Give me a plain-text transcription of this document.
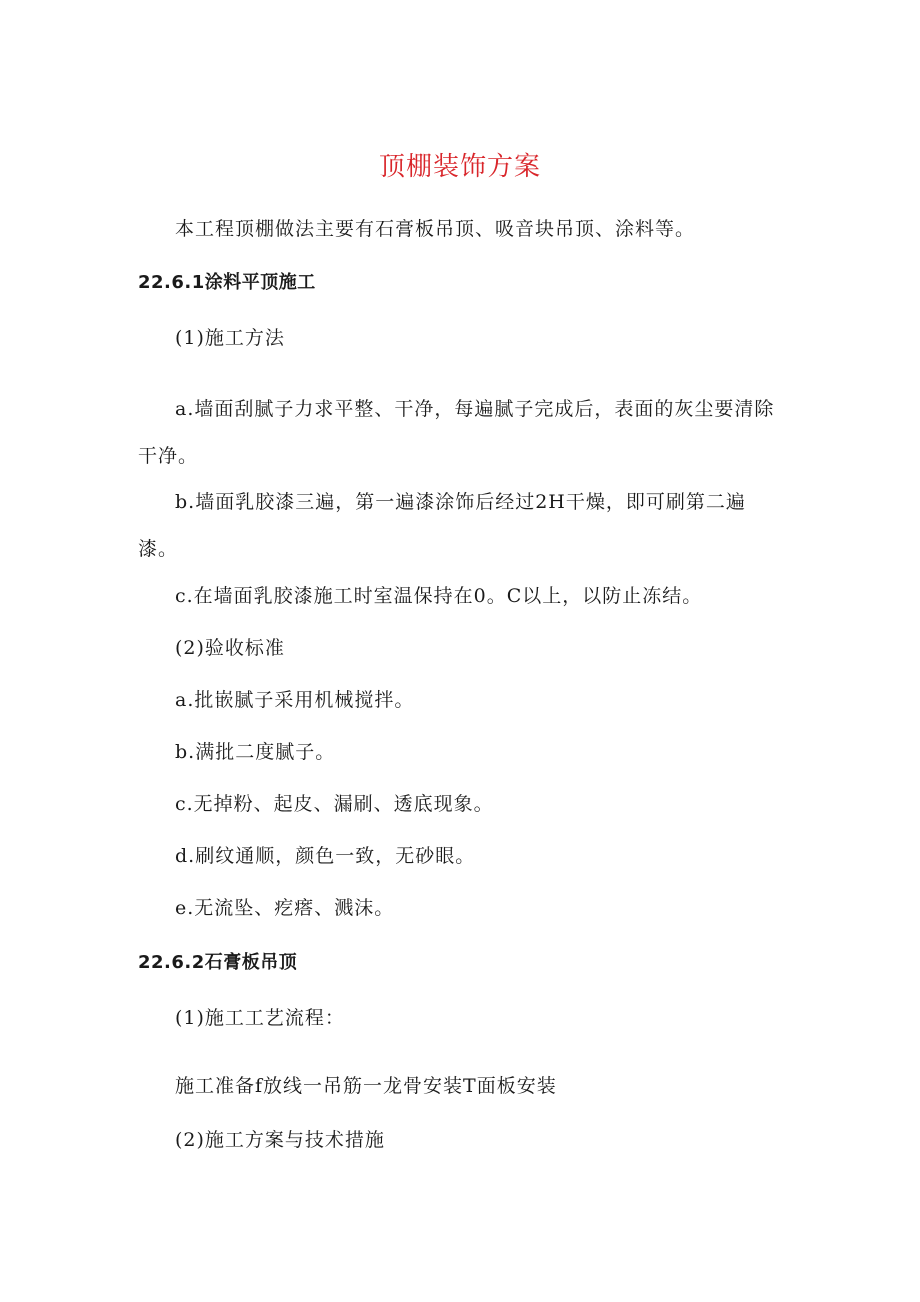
顶棚装饰方案
本工程顶棚做法主要有石膏板吊顶、吸音块吊顶、涂料等。
22.6.1涂料平顶施工
(1)施工方法
a.墙面刮腻子力求平整、干净，每遍腻子完成后，表面的灰尘要清除
干净。
b.墙面乳胶漆三遍，第一遍漆涂饰后经过2H干燥，即可刷第二遍
漆。
c.在墙面乳胶漆施工时室温保持在0。C以上，以防止冻结。
(2)验收标准
a.批嵌腻子采用机械搅拌。
b.满批二度腻子。
c.无掉粉、起皮、漏刷、透底现象。
d.刷纹通顺，颜色一致，无砂眼。
e.无流坠、疙瘩、溅沫。
22.6.2石膏板吊顶
(1)施工工艺流程：
施工准备f放线一吊筋一龙骨安装T面板安装
(2)施工方案与技术措施
